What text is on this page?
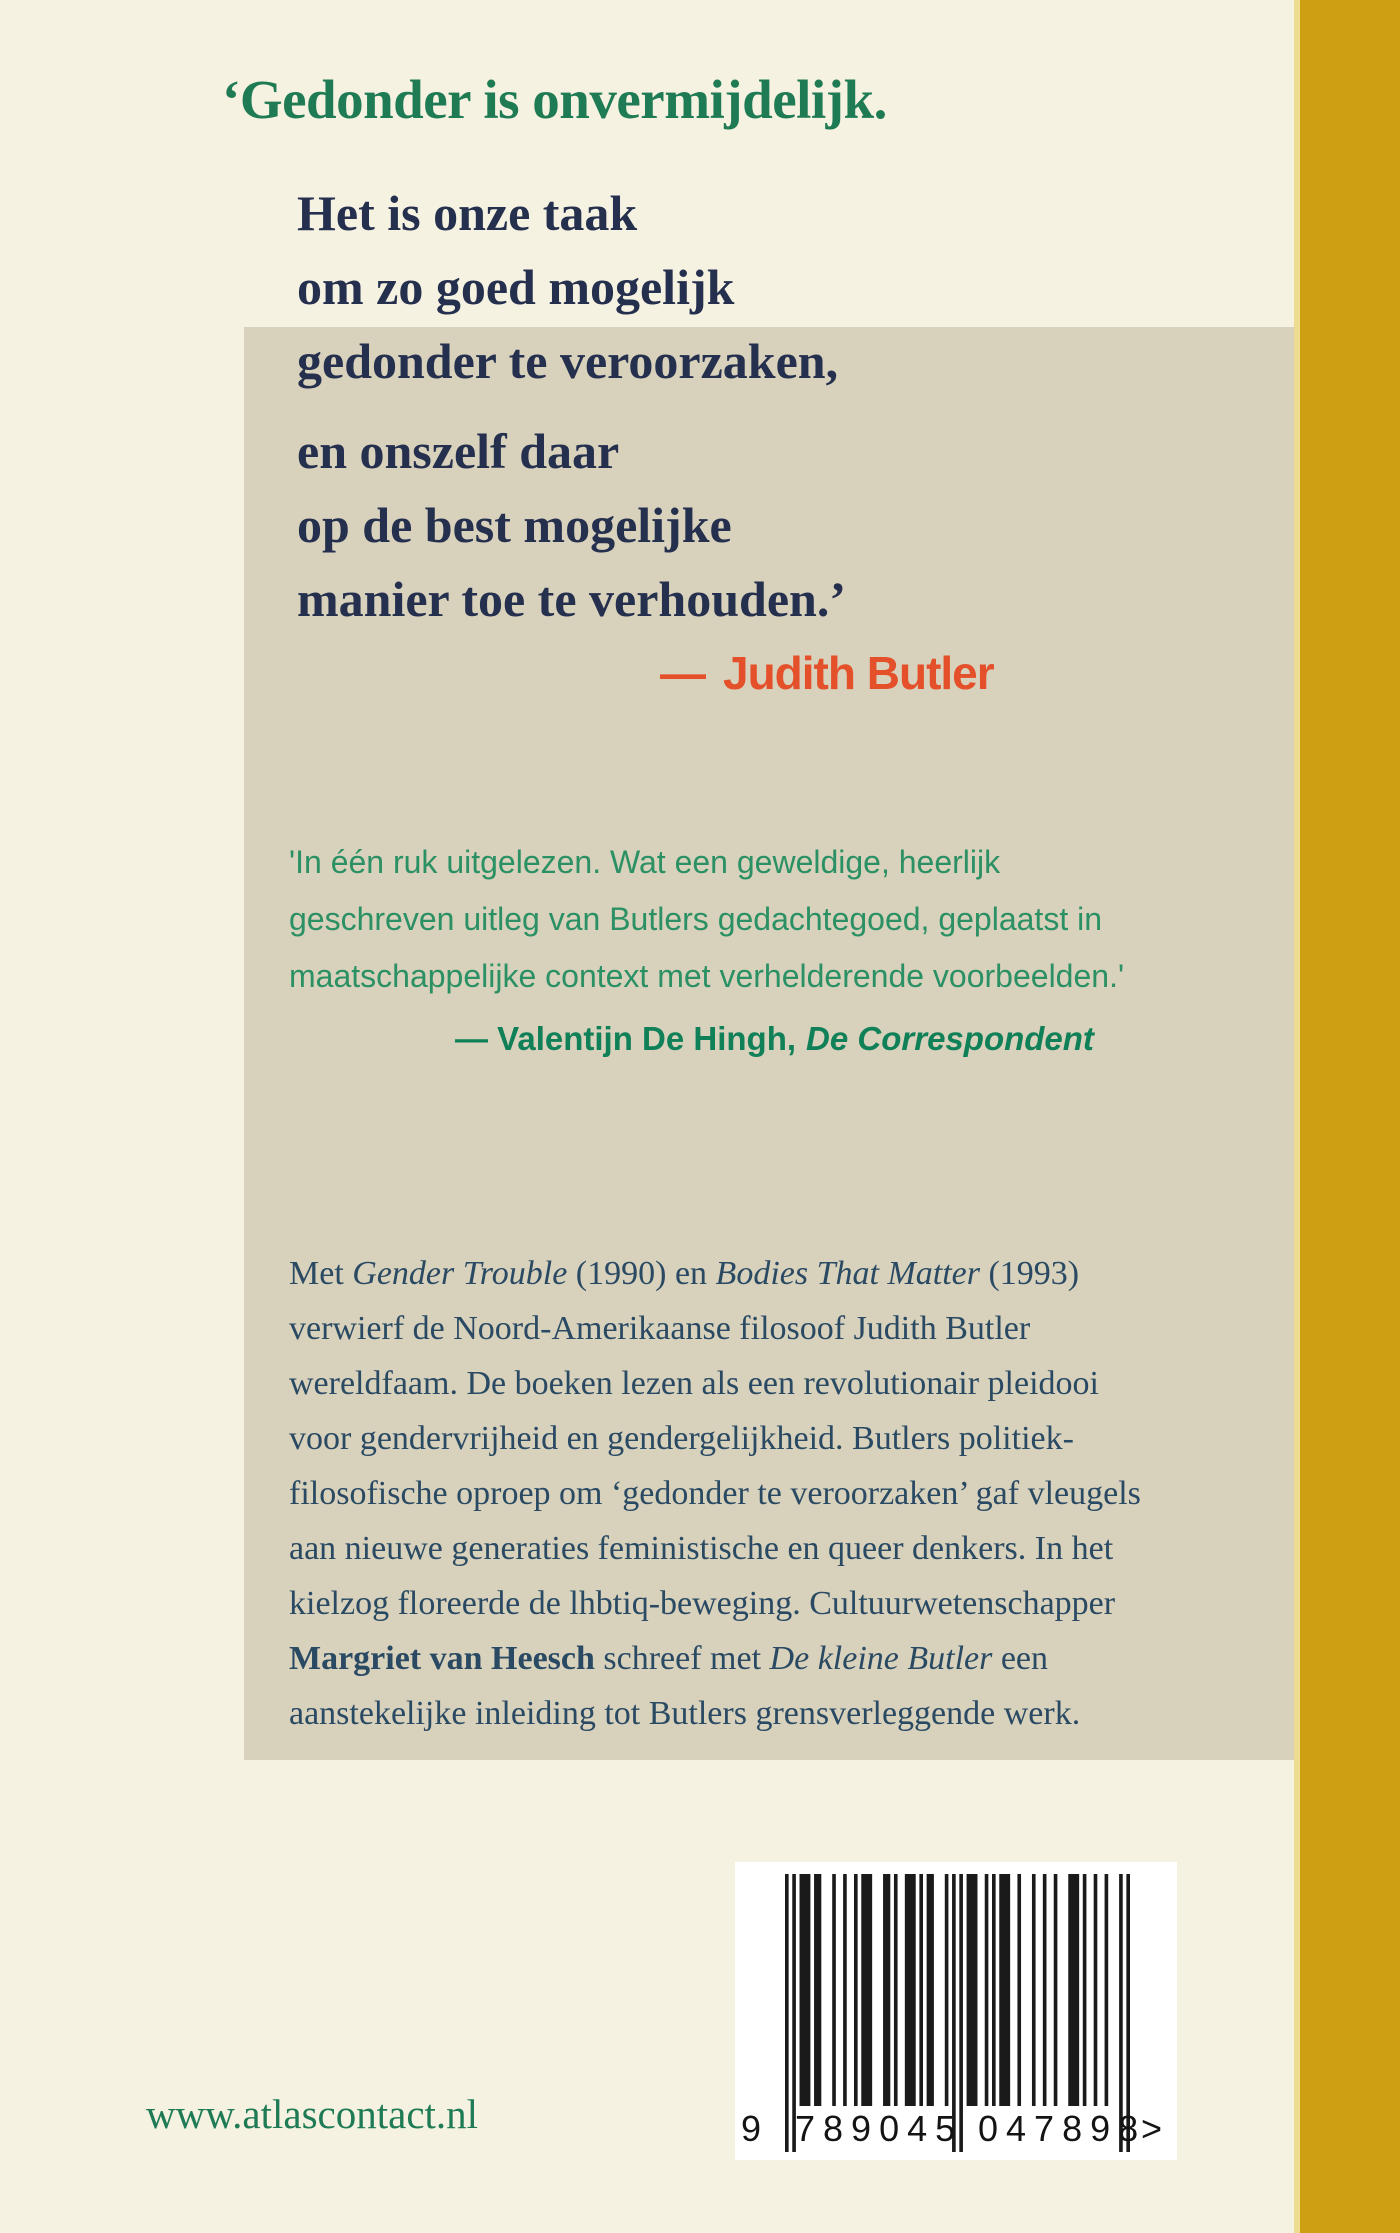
‘Gedonder is onvermijdelijk.
Het is onze taak
om zo goed mogelijk
gedonder te veroorzaken,
en onszelf daar
op de best mogelijke
manier toe te verhouden.’
— Judith Butler
'In één ruk uitgelezen. Wat een geweldige, heerlijk
geschreven uitleg van Butlers gedachtegoed, geplaatst in
maatschappelijke context met verhelderende voorbeelden.'
— Valentijn De Hingh, De Correspondent
Met Gender Trouble (1990) en Bodies That Matter (1993)
verwierf de Noord-Amerikaanse filosoof Judith Butler
wereldfaam. De boeken lezen als een revolutionair pleidooi
voor gendervrijheid en gendergelijkheid. Butlers politiek-
filosofische oproep om ‘gedonder te veroorzaken’ gaf vleugels
aan nieuwe generaties feministische en queer denkers. In het
kielzog floreerde de lhbtiq-beweging. Cultuurwetenschapper
Margriet van Heesch schreef met De kleine Butler een
aanstekelijke inleiding tot Butlers grensverleggende werk.
www.atlascontact.nl	9 789045 047898
>
